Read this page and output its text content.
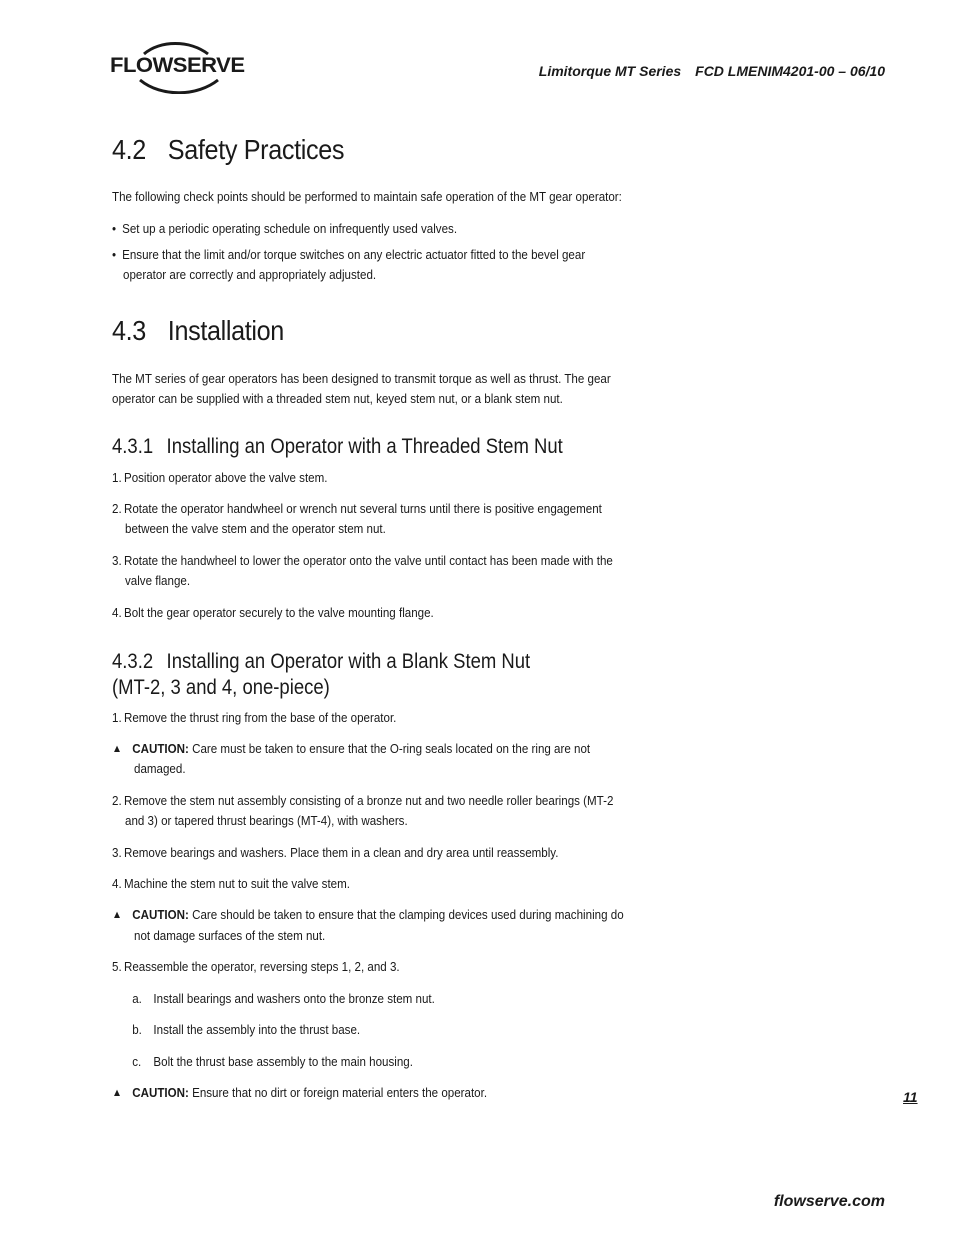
FLOWSERVE	Limitorque MT Series FCD LMENIM4201-00 – 06/10
4.2 Safety Practices

The following check points should be performed to maintain safe operation of the MT gear operator:

• Set up a periodic operating schedule on infrequently used valves.

• Ensure that the limit and/or torque switches on any electric actuator fitted to the bevel gear

operator are correctly and appropriately adjusted.

4.3 Installation

The MT series of gear operators has been designed to transmit torque as well as thrust. The gear

operator can be supplied with a threaded stem nut, keyed stem nut, or a blank stem nut.

4.3.1 Installing an Operator with a Threaded Stem Nut

1. Position operator above the valve stem.

2. Rotate the operator handwheel or wrench nut several turns until there is positive engagement

between the valve stem and the operator stem nut.

3. Rotate the handwheel to lower the operator onto the valve until contact has been made with the

valve flange.

4. Bolt the gear operator securely to the valve mounting flange.

4.3.2 Installing an Operator with a Blank Stem Nut
(MT-2, 3 and 4, one-piece)

1. Remove the thrust ring from the base of the operator.

▲ CAUTION: Care must be taken to ensure that the O-ring seals located on the ring are not

damaged.

2. Remove the stem nut assembly consisting of a bronze nut and two needle roller bearings (MT-2

and 3) or tapered thrust bearings (MT-4), with washers.

3. Remove bearings and washers. Place them in a clean and dry area until reassembly.

4. Machine the stem nut to suit the valve stem.

▲ CAUTION: Care should be taken to ensure that the clamping devices used during machining do

not damage surfaces of the stem nut.

5. Reassemble the operator, reversing steps 1, 2, and 3.

a. Install bearings and washers onto the bronze stem nut.

b. Install the assembly into the thrust base.

c. Bolt the thrust base assembly to the main housing.

▲ CAUTION: Ensure that no dirt or foreign material enters the operator.	11
flowserve.com
